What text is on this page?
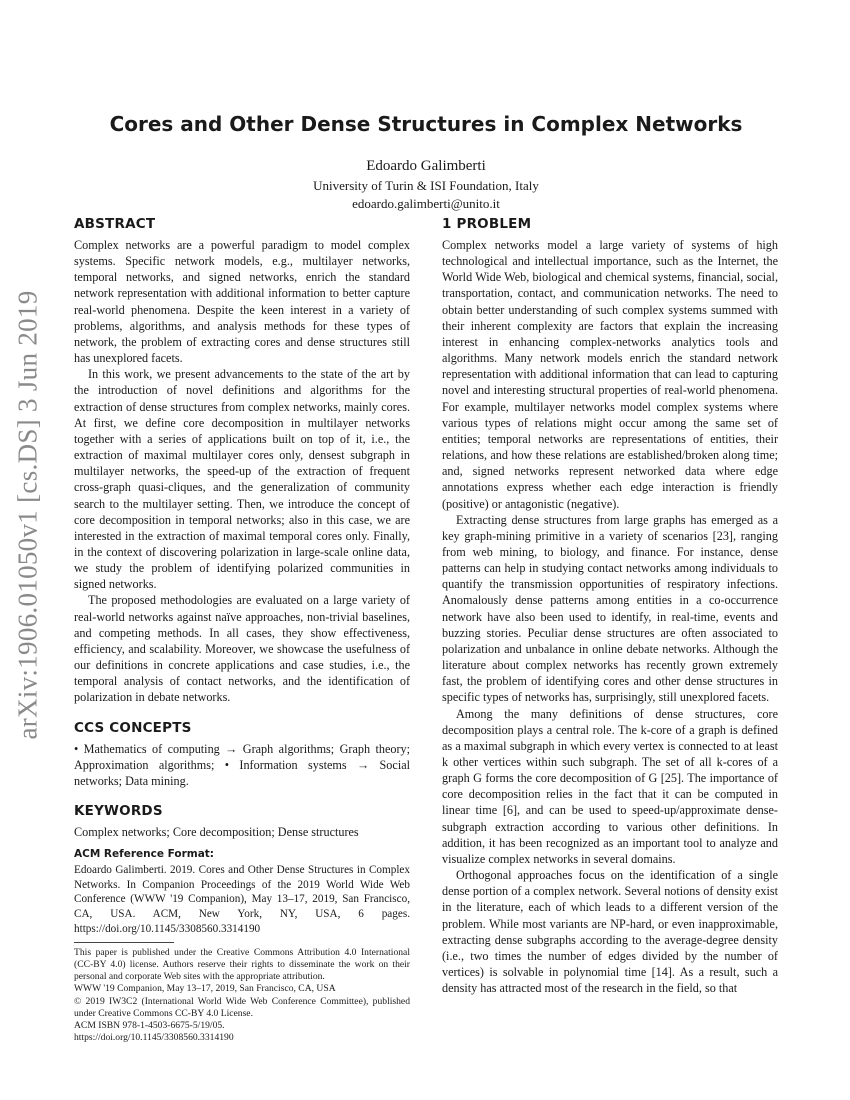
arXiv:1906.01050v1 [cs.DS] 3 Jun 2019
Cores and Other Dense Structures in Complex Networks
Edoardo Galimberti
University of Turin & ISI Foundation, Italy
edoardo.galimberti@unito.it
ABSTRACT

Complex networks are a powerful paradigm to model complex systems. Specific network models, e.g., multilayer networks, temporal networks, and signed networks, enrich the standard network representation with additional information to better capture real-world phenomena. Despite the keen interest in a variety of problems, algorithms, and analysis methods for these types of network, the problem of extracting cores and dense structures still has unexplored facets.

In this work, we present advancements to the state of the art by the introduction of novel definitions and algorithms for the extraction of dense structures from complex networks, mainly cores. At first, we define core decomposition in multilayer networks together with a series of applications built on top of it, i.e., the extraction of maximal multilayer cores only, densest subgraph in multilayer networks, the speed-up of the extraction of frequent cross-graph quasi-cliques, and the generalization of community search to the multilayer setting. Then, we introduce the concept of core decomposition in temporal networks; also in this case, we are interested in the extraction of maximal temporal cores only. Finally, in the context of discovering polarization in large-scale online data, we study the problem of identifying polarized communities in signed networks.

The proposed methodologies are evaluated on a large variety of real-world networks against naïve approaches, non-trivial baselines, and competing methods. In all cases, they show effectiveness, efficiency, and scalability. Moreover, we showcase the usefulness of our definitions in concrete applications and case studies, i.e., the temporal analysis of contact networks, and the identification of polarization in debate networks.

CCS CONCEPTS

• Mathematics of computing → Graph algorithms; Graph theory; Approximation algorithms; • Information systems → Social networks; Data mining.

KEYWORDS

Complex networks; Core decomposition; Dense structures

ACM Reference Format:

Edoardo Galimberti. 2019. Cores and Other Dense Structures in Complex Networks. In Companion Proceedings of the 2019 World Wide Web Conference (WWW '19 Companion), May 13–17, 2019, San Francisco, CA, USA. ACM, New York, NY, USA, 6 pages. https://doi.org/10.1145/3308560.3314190

This paper is published under the Creative Commons Attribution 4.0 International (CC-BY 4.0) license. Authors reserve their rights to disseminate the work on their personal and corporate Web sites with the appropriate attribution.

WWW '19 Companion, May 13–17, 2019, San Francisco, CA, USA

© 2019 IW3C2 (International World Wide Web Conference Committee), published under Creative Commons CC-BY 4.0 License.

ACM ISBN 978-1-4503-6675-5/19/05.

https://doi.org/10.1145/3308560.3314190

1 PROBLEM

Complex networks model a large variety of systems of high technological and intellectual importance, such as the Internet, the World Wide Web, biological and chemical systems, financial, social, transportation, contact, and communication networks. The need to obtain better understanding of such complex systems summed with their inherent complexity are factors that explain the increasing interest in enhancing complex-networks analytics tools and algorithms. Many network models enrich the standard network representation with additional information that can lead to capturing novel and interesting structural properties of real-world phenomena. For example, multilayer networks model complex systems where various types of relations might occur among the same set of entities; temporal networks are representations of entities, their relations, and how these relations are established/broken along time; and, signed networks represent networked data where edge annotations express whether each edge interaction is friendly (positive) or antagonistic (negative).

Extracting dense structures from large graphs has emerged as a key graph-mining primitive in a variety of scenarios [23], ranging from web mining, to biology, and finance. For instance, dense patterns can help in studying contact networks among individuals to quantify the transmission opportunities of respiratory infections. Anomalously dense patterns among entities in a co-occurrence network have also been used to identify, in real-time, events and buzzing stories. Peculiar dense structures are often associated to polarization and unbalance in online debate networks. Although the literature about complex networks has recently grown extremely fast, the problem of identifying cores and other dense structures in specific types of networks has, surprisingly, still unexplored facets.

Among the many definitions of dense structures, core decomposition plays a central role. The k-core of a graph is defined as a maximal subgraph in which every vertex is connected to at least k other vertices within such subgraph. The set of all k-cores of a graph G forms the core decomposition of G [25]. The importance of core decomposition relies in the fact that it can be computed in linear time [6], and can be used to speed-up/approximate dense-subgraph extraction according to various other definitions. In addition, it has been recognized as an important tool to analyze and visualize complex networks in several domains.

Orthogonal approaches focus on the identification of a single dense portion of a complex network. Several notions of density exist in the literature, each of which leads to a different version of the problem. While most variants are NP-hard, or even inapproximable, extracting dense subgraphs according to the average-degree density (i.e., two times the number of edges divided by the number of vertices) is solvable in polynomial time [14]. As a result, such a density has attracted most of the research in the field, so that
